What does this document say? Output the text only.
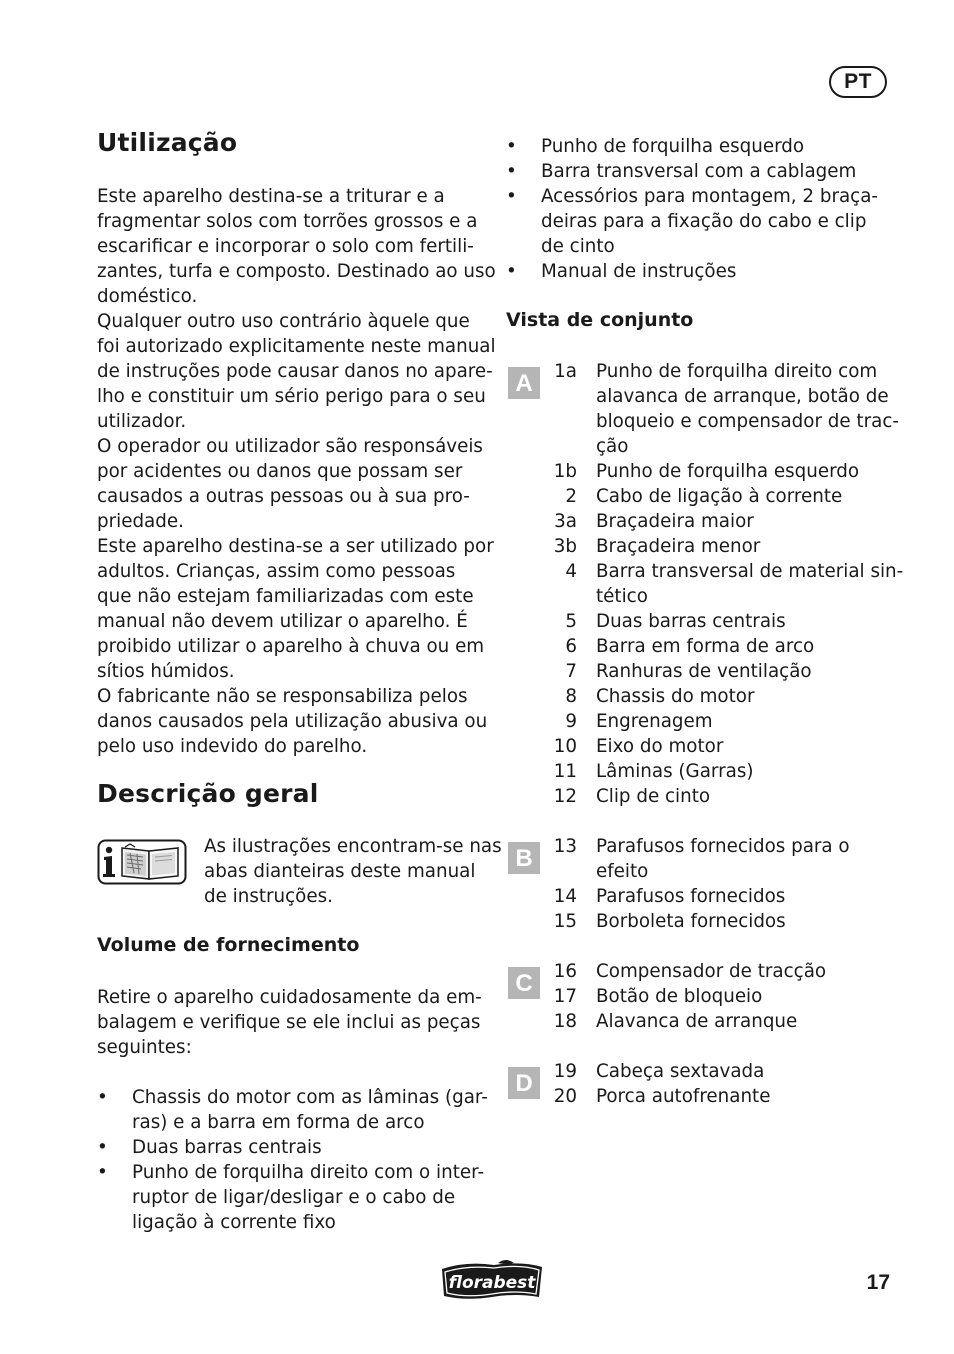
PT
Utilização
Este aparelho destina-se a triturar e a
fragmentar solos com torrões grossos e a
escarificar e incorporar o solo com fertili-
zantes, turfa e composto. Destinado ao uso
doméstico.
Qualquer outro uso contrário àquele que
foi autorizado explicitamente neste manual
de instruções pode causar danos no apare-
lho e constituir um sério perigo para o seu
utilizador.
O operador ou utilizador são responsáveis
por acidentes ou danos que possam ser
causados a outras pessoas ou à sua pro-
priedade.
Este aparelho destina-se a ser utilizado por
adultos. Crianças, assim como pessoas
que não estejam familiarizadas com este
manual não devem utilizar o aparelho. É
proibido utilizar o aparelho à chuva ou em
sítios húmidos.
O fabricante não se responsabiliza pelos
danos causados pela utilização abusiva ou
pelo uso indevido do parelho.
Descrição geral
As ilustrações encontram-se nas
abas dianteiras deste manual
de instruções.
Volume de fornecimento
Retire o aparelho cuidadosamente da em-
balagem e verifique se ele inclui as peças
seguintes:
• Chassis do motor com as lâminas (gar-
ras) e a barra em forma de arco
• Duas barras centrais
• Punho de forquilha direito com o inter-
ruptor de ligar/desligar e o cabo de
ligação à corrente fixo
• Punho de forquilha esquerdo
• Barra transversal com a cablagem
• Acessórios para montagem, 2 braça-
deiras para a fixação do cabo e clip
de cinto
• Manual de instruções
Vista de conjunto
A	1a Punho de forquilha direito com
alavanca de arranque, botão de
bloqueio e compensador de trac-
ção
1b Punho de forquilha esquerdo
2 Cabo de ligação à corrente
3a Braçadeira maior
3b Braçadeira menor
4 Barra transversal de material sin-
tético
5 Duas barras centrais
6 Barra em forma de arco
7 Ranhuras de ventilação
8 Chassis do motor
9 Engrenagem
10 Eixo do motor
11 Lâminas (Garras)
12 Clip de cinto
B	13 Parafusos fornecidos para o
efeito
14 Parafusos fornecidos
15 Borboleta fornecidos
C	16 Compensador de tracção
17 Botão de bloqueio
18 Alavanca de arranque
D	19 Cabeça sextavada
20 Porca autofrenante
florabest	17
